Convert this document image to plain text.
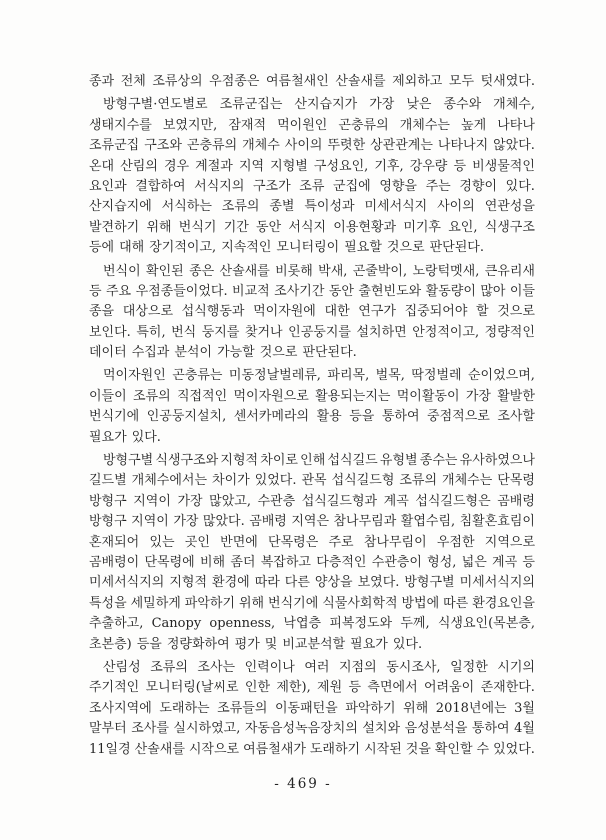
종과 전체 조류상의 우점종은 여름철새인 산솔새를 제외하고 모두 텃새였다.
방형구별·연도별로 조류군집는 산지습지가 가장 낮은 종수와 개체수,
생태지수를 보였지만, 잠재적 먹이원인 곤충류의 개체수는 높게 나타나
조류군집 구조와 곤충류의 개체수 사이의 뚜렷한 상관관계는 나타나지 않았다.
온대 산림의 경우 계절과 지역 지형별 구성요인, 기후, 강우량 등 비생물적인
요인과 결합하여 서식지의 구조가 조류 군집에 영향을 주는 경향이 있다.
산지습지에 서식하는 조류의 종별 특이성과 미세서식지 사이의 연관성을
발견하기 위해 번식기 기간 동안 서식지 이용현황과 미기후 요인, 식생구조
등에 대해 장기적이고, 지속적인 모니터링이 필요할 것으로 판단된다.
번식이 확인된 종은 산솔새를 비롯해 박새, 곤줄박이, 노랑턱멧새, 큰유리새
등 주요 우점종들이었다. 비교적 조사기간 동안 출현빈도와 활동량이 많아 이들
종을 대상으로 섭식행동과 먹이자원에 대한 연구가 집중되어야 할 것으로
보인다. 특히, 번식 둥지를 찾거나 인공둥지를 설치하면 안정적이고, 정량적인
데이터 수집과 분석이 가능할 것으로 판단된다.
먹이자원인 곤충류는 미동정날벌레류, 파리목, 벌목, 딱정벌레 순이었으며,
이들이 조류의 직접적인 먹이자원으로 활용되는지는 먹이활동이 가장 활발한
번식기에 인공둥지설치, 센서카메라의 활용 등을 통하여 중점적으로 조사할
필요가 있다.
방형구별 식생구조와 지형적 차이로 인해 섭식길드 유형별 종수는 유사하였으나
길드별 개체수에서는 차이가 있었다. 관목 섭식길드형 조류의 개체수는 단목령
방형구 지역이 가장 많았고, 수관층 섭식길드형과 계곡 섭식길드형은 곰배령
방형구 지역이 가장 많았다. 곰배령 지역은 참나무림과 활엽수림, 침활혼효림이
혼재되어 있는 곳인 반면에 단목령은 주로 참나무림이 우점한 지역으로
곰배령이 단목령에 비해 좀더 복잡하고 다층적인 수관층이 형성, 넓은 계곡 등
미세서식지의 지형적 환경에 따라 다른 양상을 보였다. 방형구별 미세서식지의
특성을 세밀하게 파악하기 위해 번식기에 식물사회학적 방법에 따른 환경요인을
추출하고, Canopy openness, 낙엽층 피복정도와 두께, 식생요인(목본층,
초본층) 등을 정량화하여 평가 및 비교분석할 필요가 있다.
산림성 조류의 조사는 인력이나 여러 지점의 동시조사, 일정한 시기의
주기적인 모니터링(날씨로 인한 제한), 제원 등 측면에서 어려움이 존재한다.
조사지역에 도래하는 조류들의 이동패턴을 파악하기 위해 2018년에는 3월
말부터 조사를 실시하였고, 자동음성녹음장치의 설치와 음성분석을 통하여 4월
11일경 산솔새를 시작으로 여름철새가 도래하기 시작된 것을 확인할 수 있었다.
- 469 -
